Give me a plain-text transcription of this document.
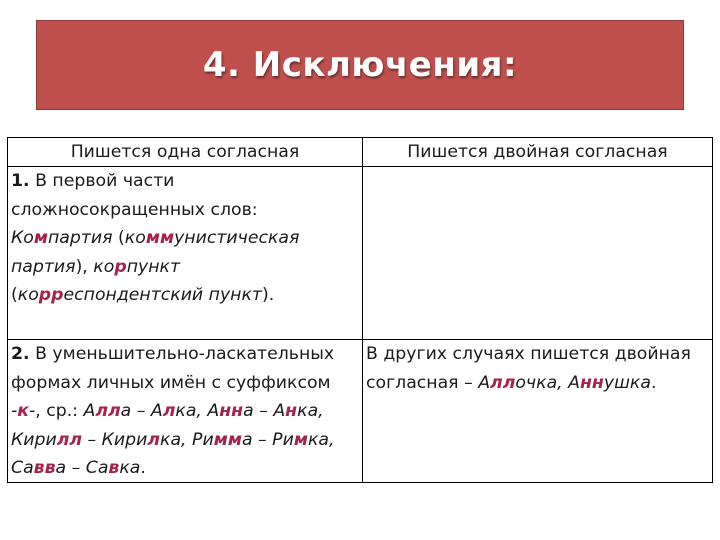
4. Исключения:
Пишется одна согласная	Пишется двойная согласная
1. В первой части сложносокращенных слов: Компартия (коммунистическая партия), корпункт (корреспондентский пункт).	
2. В уменьшительно-ласкательных формах личных имён с суффиксом -к-, ср.: Алла – Алка, Анна – Анка, Кирилл – Кирилка, Римма – Римка, Савва – Савка.	В других случаях пишется двойная согласная – Аллочка, Аннушка.
